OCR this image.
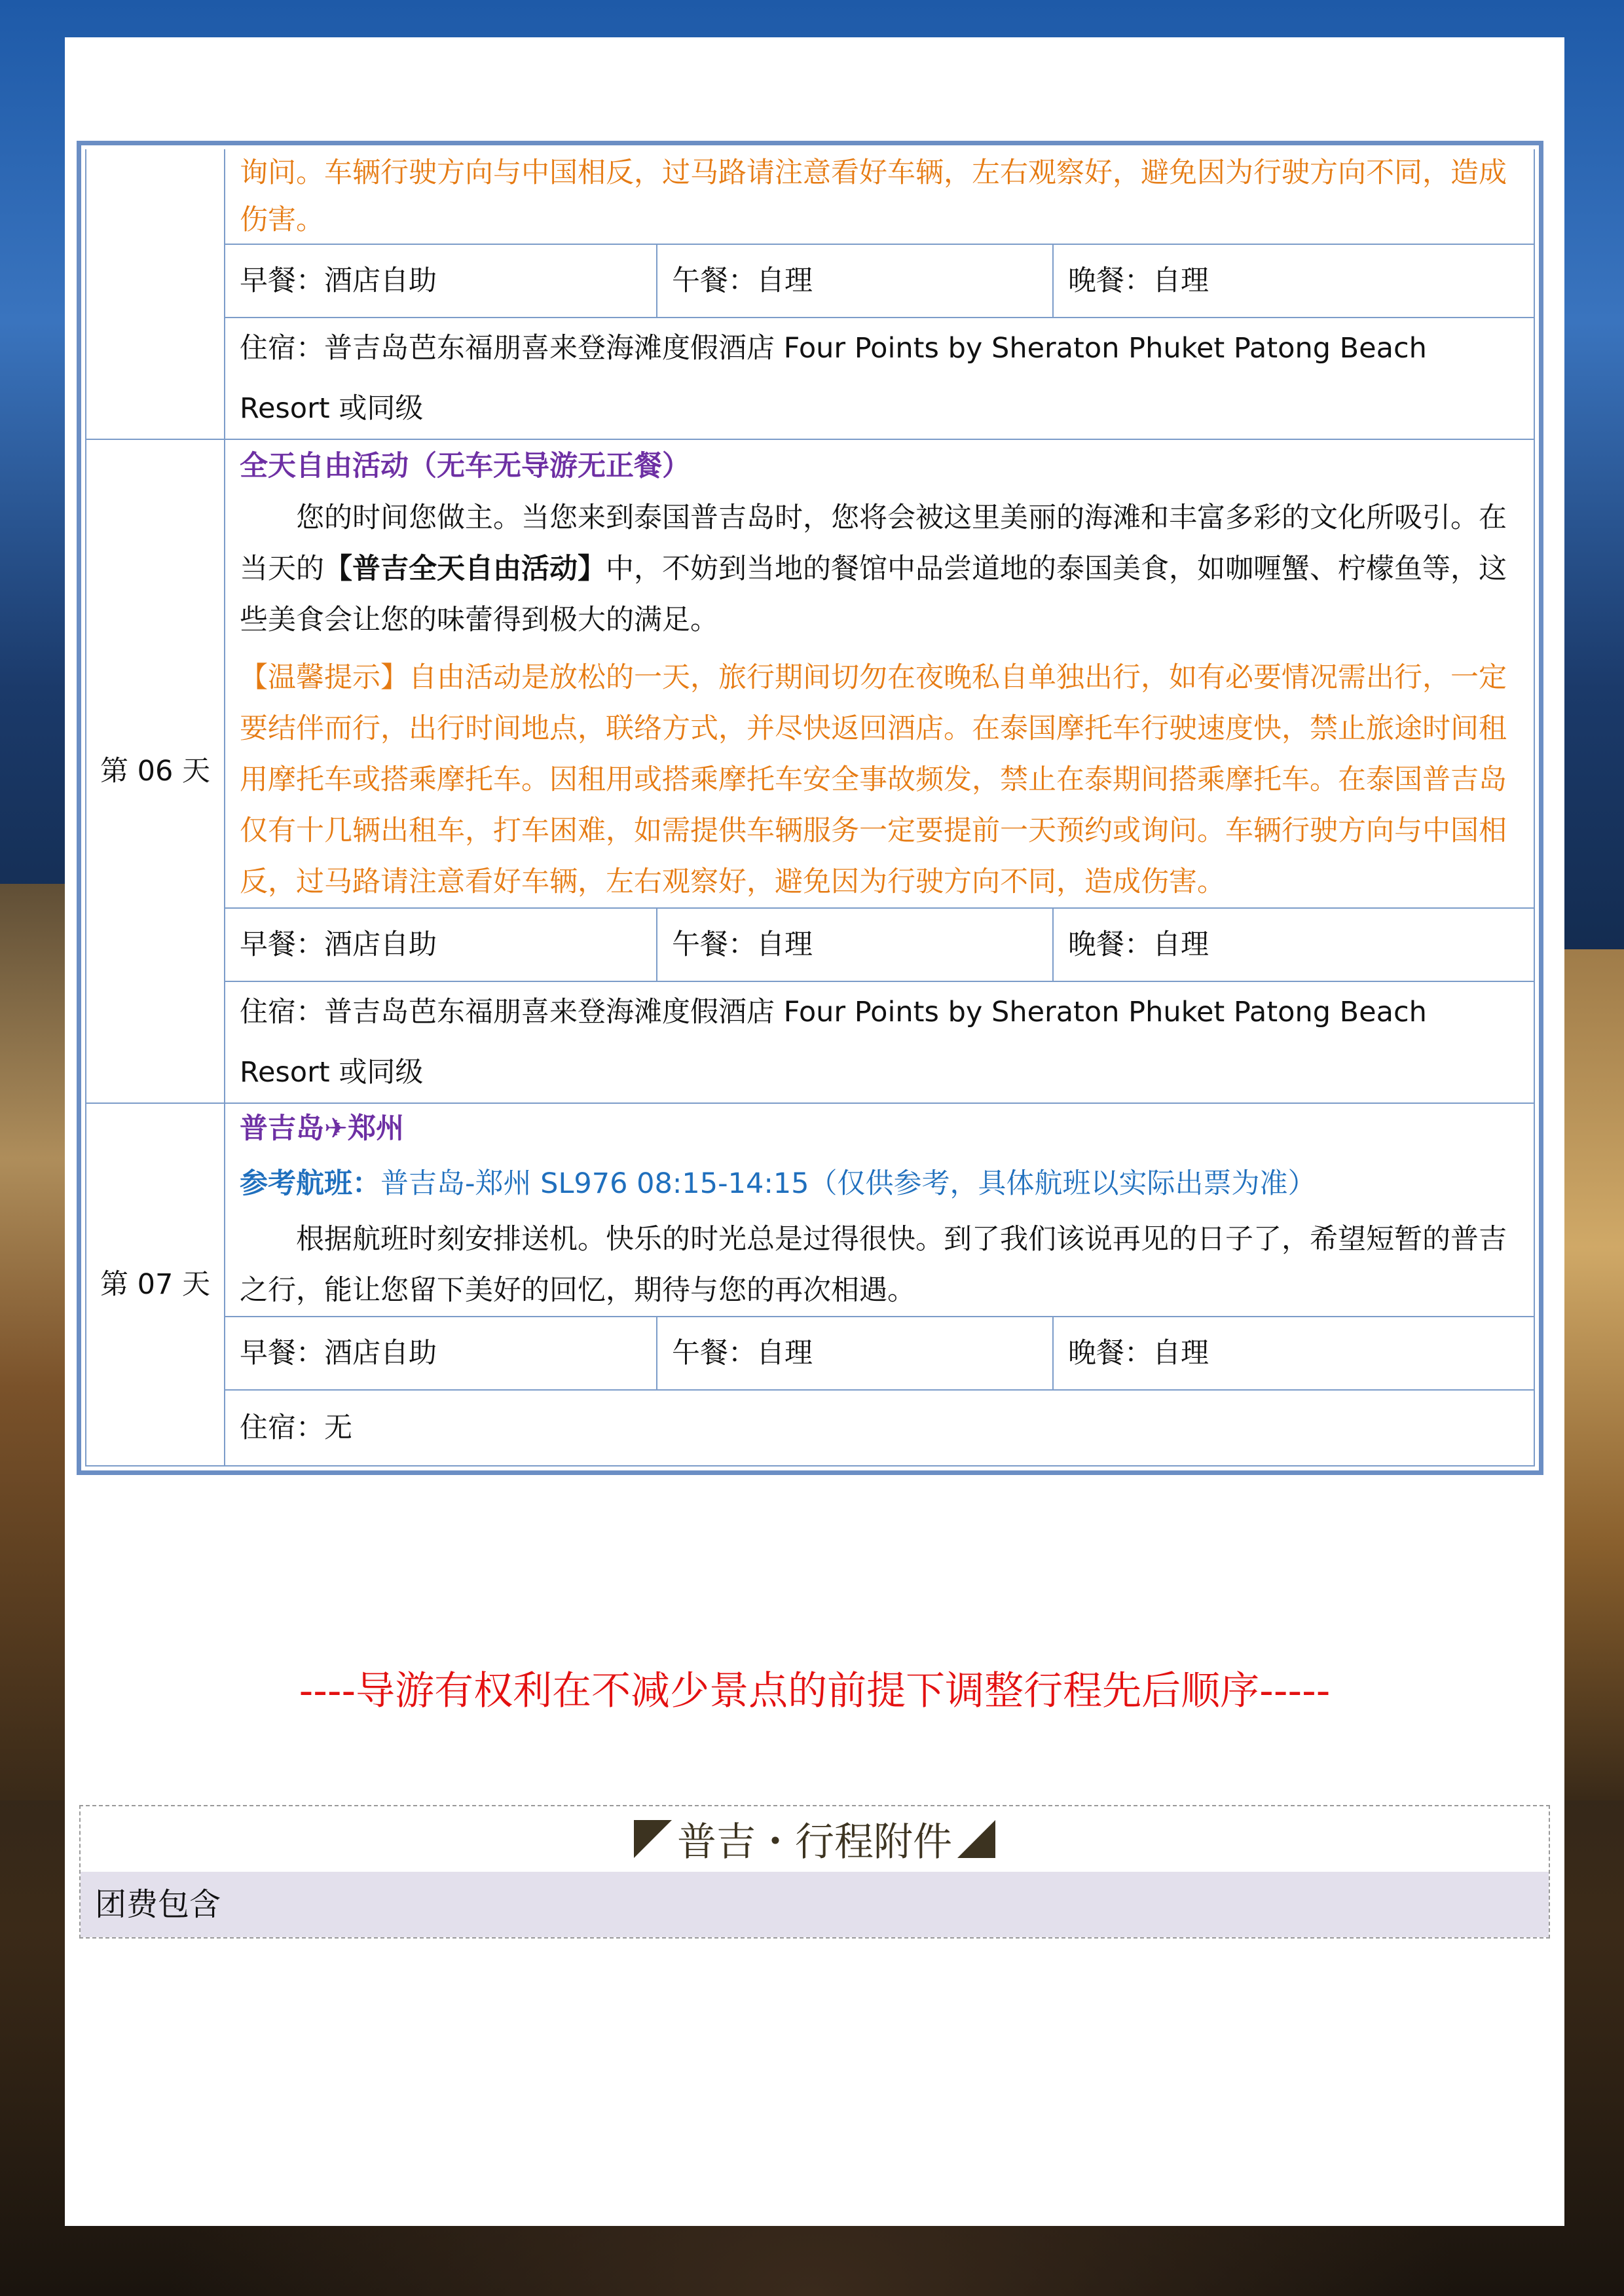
	询问。车辆行驶方向与中国相反，过马路请注意看好车辆，左右观察好，避免因为行驶方向不同，造成伤害。		

	早餐：酒店自助	午餐：自理	晚餐：自理
	住宿：普吉岛芭东福朋喜来登海滩度假酒店 Four Points by Sheraton Phuket Patong Beach Resort 或同级		
第 06 天	全天自由活动（无车无导游无正餐）

您的时间您做主。当您来到泰国普吉岛时，您将会被这里美丽的海滩和丰富多彩的文化所吸引。在当天的【普吉全天自由活动】中，不妨到当地的餐馆中品尝道地的泰国美食，如咖喱蟹、柠檬鱼等，这些美食会让您的味蕾得到极大的满足。

【温馨提示】自由活动是放松的一天，旅行期间切勿在夜晚私自单独出行，如有必要情况需出行，一定要结伴而行，出行时间地点，联络方式，并尽快返回酒店。在泰国摩托车行驶速度快，禁止旅途时间租用摩托车或搭乘摩托车。因租用或搭乘摩托车安全事故频发，禁止在泰期间搭乘摩托车。在泰国普吉岛仅有十几辆出租车，打车困难，如需提供车辆服务一定要提前一天预约或询问。车辆行驶方向与中国相反，过马路请注意看好车辆，左右观察好，避免因为行驶方向不同，造成伤害。		

	早餐：酒店自助	午餐：自理	晚餐：自理
	住宿：普吉岛芭东福朋喜来登海滩度假酒店 Four Points by Sheraton Phuket Patong Beach Resort 或同级		
第 07 天	普吉岛✈郑州

参考航班：普吉岛-郑州 SL976 08:15-14:15（仅供参考，具体航班以实际出票为准）

根据航班时刻安排送机。快乐的时光总是过得很快。到了我们该说再见的日子了，希望短暂的普吉之行，能让您留下美好的回忆，期待与您的再次相遇。		

	早餐：酒店自助	午餐：自理	晚餐：自理
	住宿：无		
----导游有权利在不减少景点的前提下调整行程先后顺序-----
普吉・行程附件
团费包含
